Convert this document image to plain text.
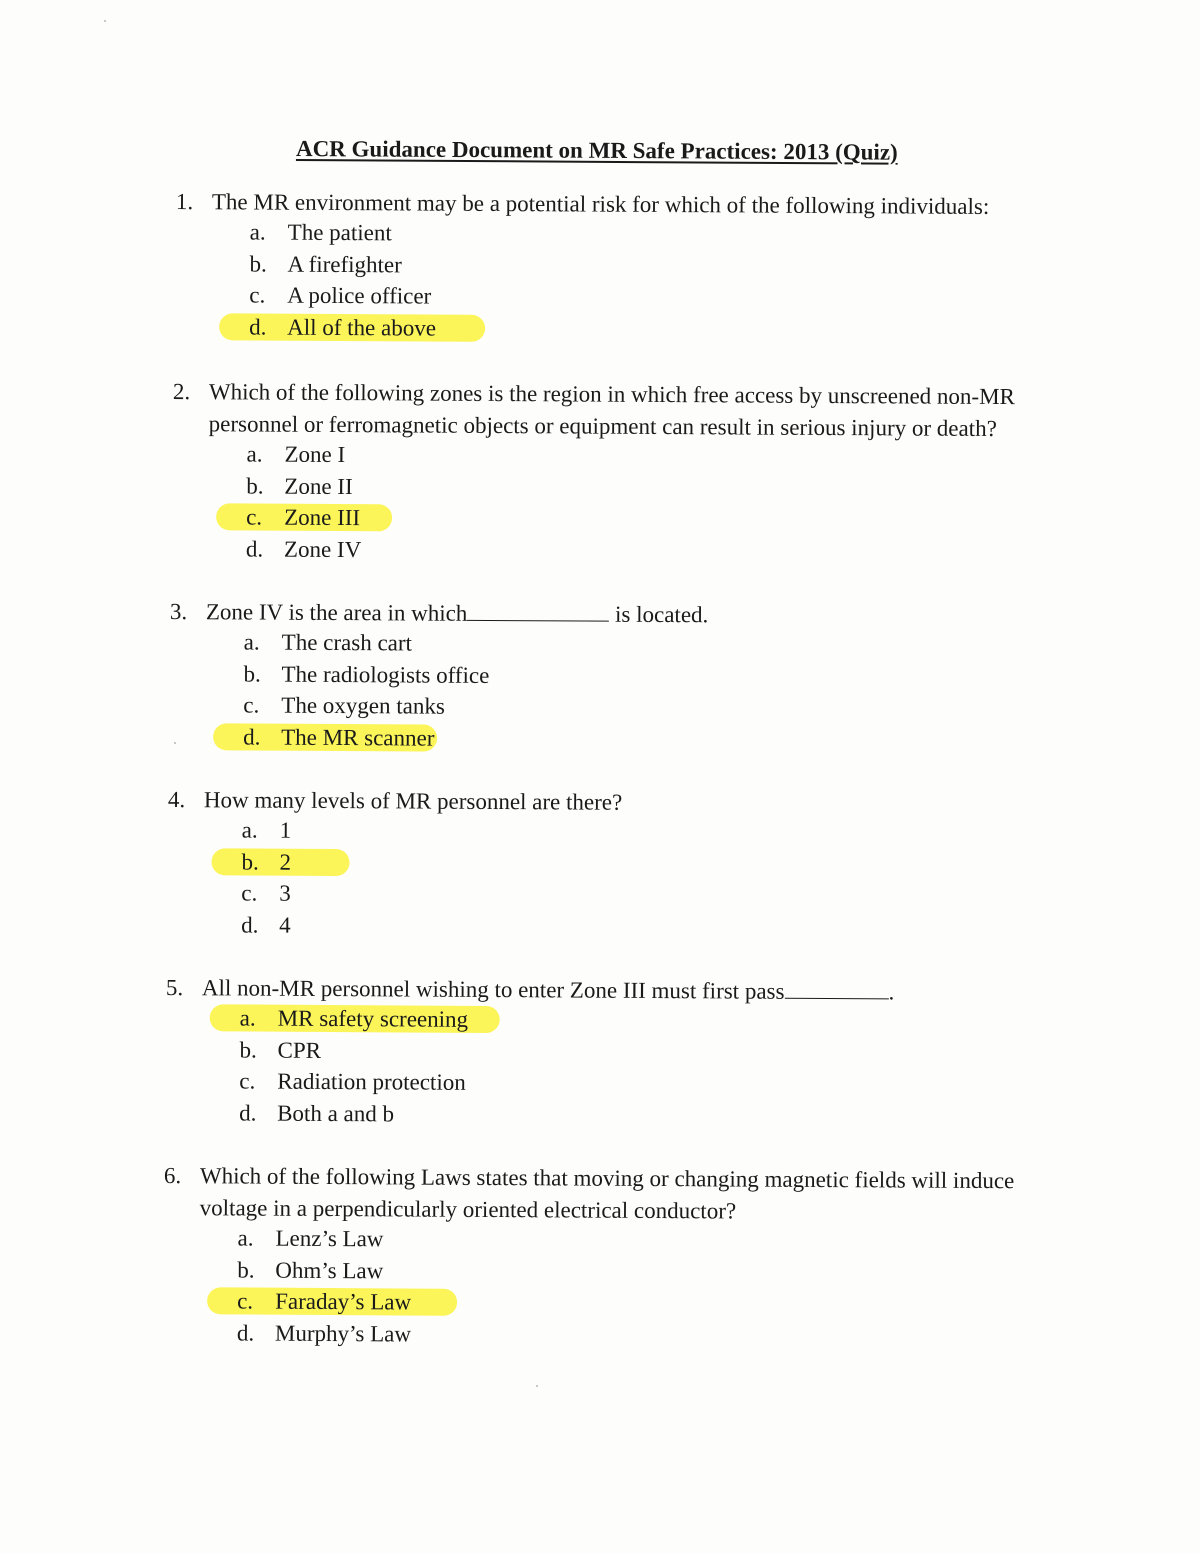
ACR Guidance Document on MR Safe Practices: 2013 (Quiz)
1. The MR environment may be a potential risk for which of the following individuals:
a. The patient
b. A firefighter
c. A police officer
d. All of the above
2. Which of the following zones is the region in which free access by unscreened non-MR personnel or ferromagnetic objects or equipment can result in serious injury or death?
a. Zone I
b. Zone II
c. Zone III
d. Zone IV
3. Zone IV is the area in which	is located.
a. The crash cart
b. The radiologists office
c. The oxygen tanks
d. The MR scanner
4. How many levels of MR personnel are there?
a. 1
b. 2
c. 3
d. 4
5. All non-MR personnel wishing to enter Zone III must first pass	.
a. MR safety screening
b. CPR
c. Radiation protection
d. Both a and b
6. Which of the following Laws states that moving or changing magnetic fields will induce voltage in a perpendicularly oriented electrical conductor?
a. Lenz’s Law
b. Ohm’s Law
c. Faraday’s Law
d. Murphy’s Law
